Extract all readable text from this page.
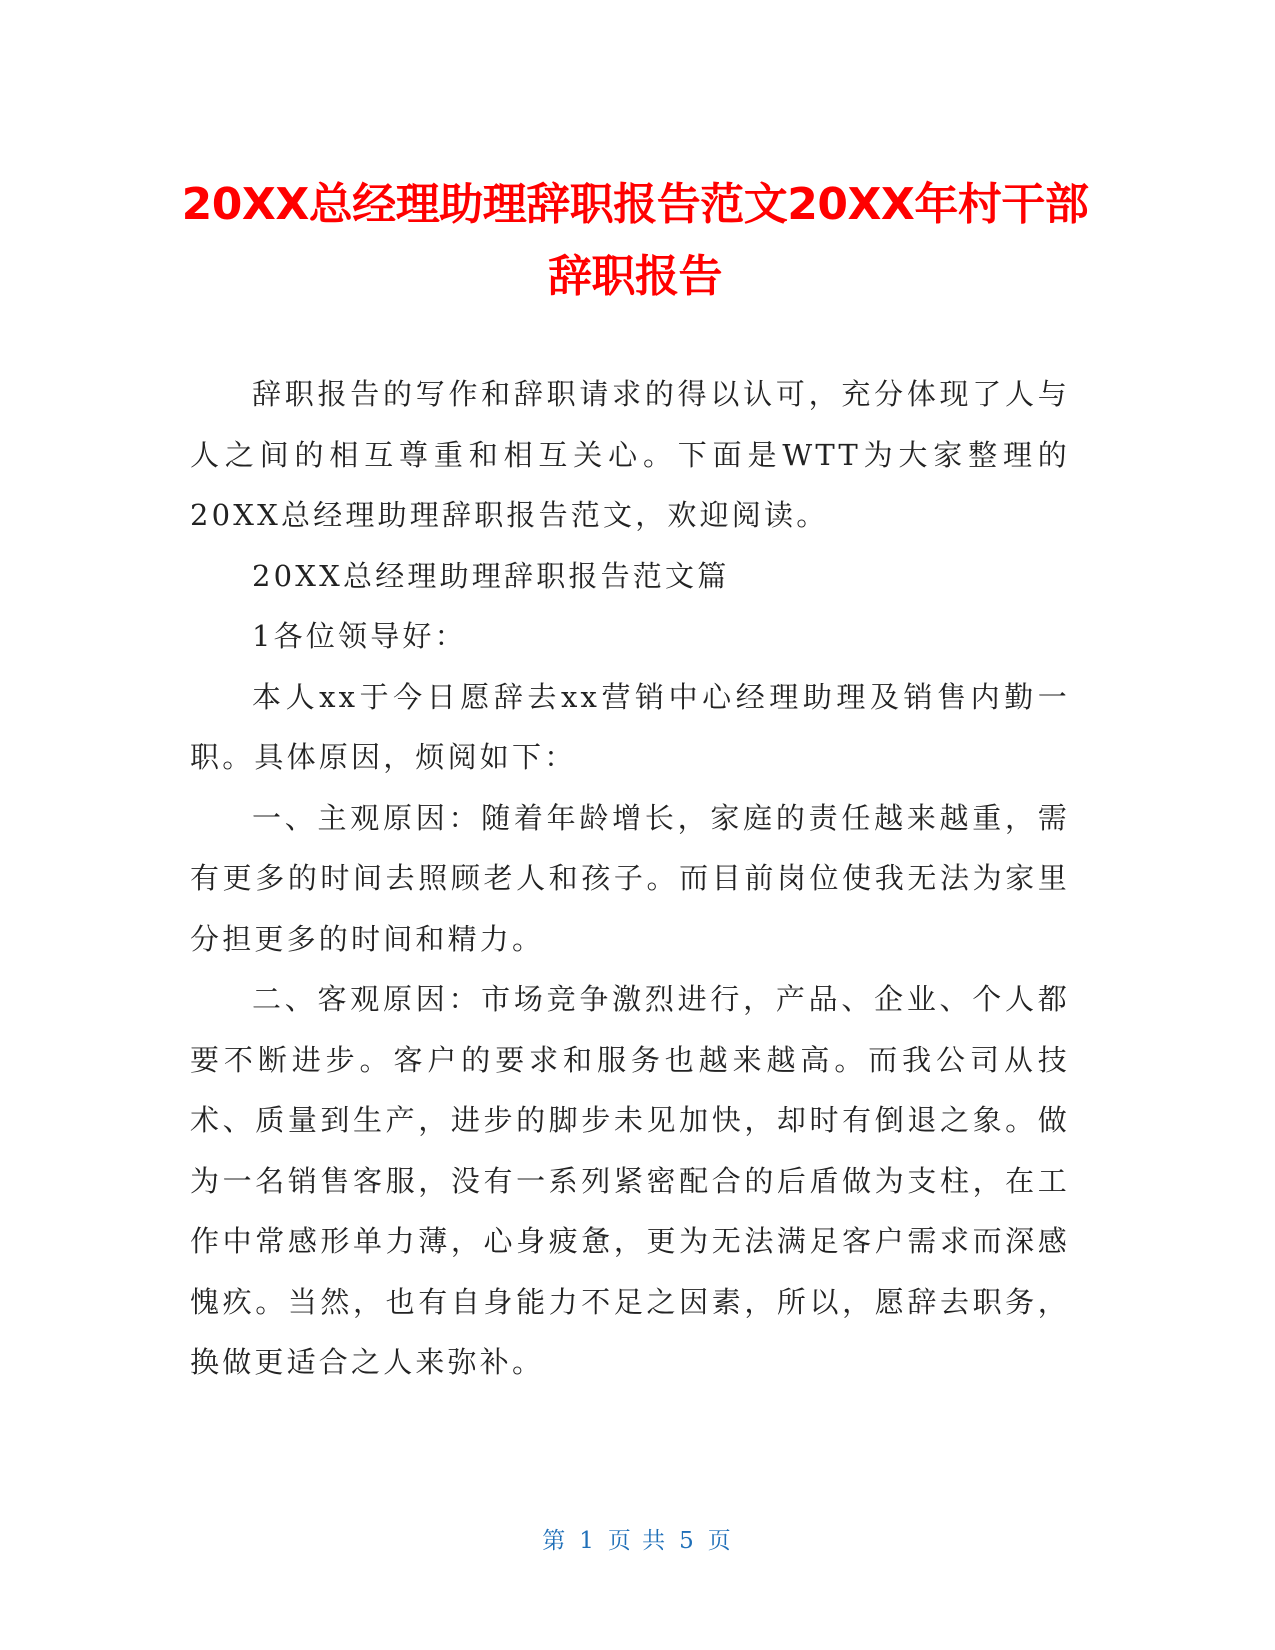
20XX总经理助理辞职报告范文20XX年村干部
辞职报告

辞职报告的写作和辞职请求的得以认可，充分体现了人与人之间的相互尊重和相互关心。下面是WTT为大家整理的20XX总经理助理辞职报告范文，欢迎阅读。

20XX总经理助理辞职报告范文篇

1各位领导好：

本人xx于今日愿辞去xx营销中心经理助理及销售内勤一职。具体原因，烦阅如下：

一、主观原因：随着年龄增长，家庭的责任越来越重，需有更多的时间去照顾老人和孩子。而目前岗位使我无法为家里分担更多的时间和精力。

二、客观原因：市场竞争激烈进行，产品、企业、个人都要不断进步。客户的要求和服务也越来越高。而我公司从技术、质量到生产，进步的脚步未见加快，却时有倒退之象。做为一名销售客服，没有一系列紧密配合的后盾做为支柱，在工作中常感形单力薄，心身疲惫，更为无法满足客户需求而深感愧疚。当然，也有自身能力不足之因素，所以，愿辞去职务，换做更适合之人来弥补。

第 1 页 共 5 页
